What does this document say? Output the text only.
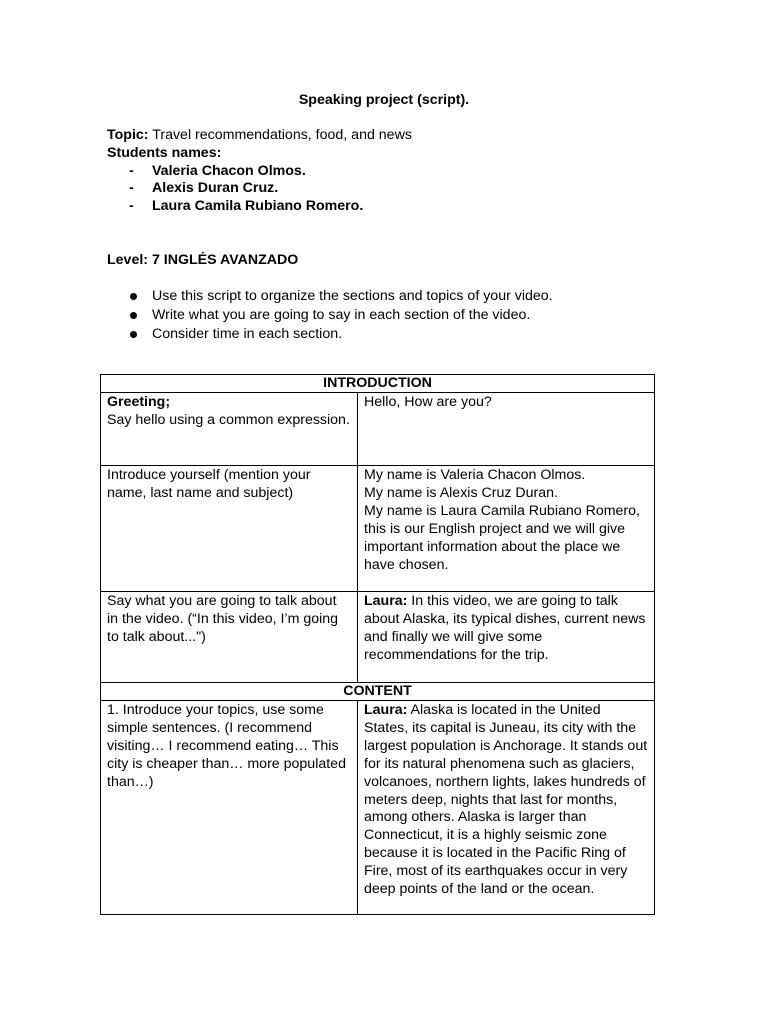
Speaking project (script).
Topic: Travel recommendations, food, and news
Students names:
- Valeria Chacon Olmos.
- Alexis Duran Cruz.
- Laura Camila Rubiano Romero.
Level: 7 INGLÉS AVANZADO
Use this script to organize the sections and topics of your video.
Write what you are going to say in each section of the video.
Consider time in each section.
INTRODUCTION	

Greeting;
Say hello using a common expression.	Hello, How are you?

Introduce yourself (mention your name, last name and subject)	My name is Valeria Chacon Olmos.
My name is Alexis Cruz Duran.
My name is Laura Camila Rubiano Romero, this is our English project and we will give important information about the place we have chosen.

Say what you are going to talk about in the video. (“In this video, I’m going to talk about...")	Laura: In this video, we are going to talk about Alaska, its typical dishes, current news and finally we will give some recommendations for the trip.
CONTENT	

1. Introduce your topics, use some simple sentences. (I recommend visiting… I recommend eating… This city is cheaper than… more populated than…)	Laura: Alaska is located in the United States, its capital is Juneau, its city with the largest population is Anchorage. It stands out for its natural phenomena such as glaciers, volcanoes, northern lights, lakes hundreds of meters deep, nights that last for months, among others. Alaska is larger than Connecticut, it is a highly seismic zone because it is located in the Pacific Ring of Fire, most of its earthquakes occur in very deep points of the land or the ocean.
